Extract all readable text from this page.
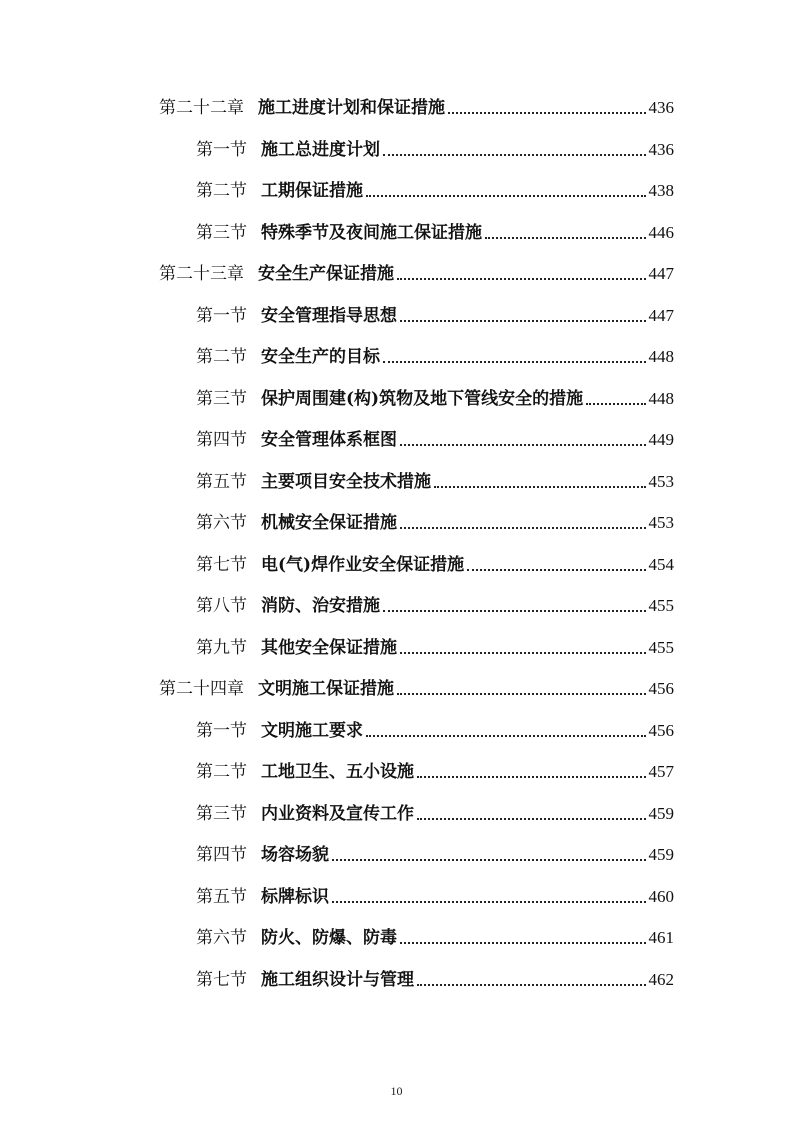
第二十二章 施工进度计划和保证措施	436
第一节 施工总进度计划	436
第二节 工期保证措施	438
第三节 特殊季节及夜间施工保证措施	446
第二十三章 安全生产保证措施	447
第一节 安全管理指导思想	447
第二节 安全生产的目标	448
第三节 保护周围建(构)筑物及地下管线安全的措施	448
第四节 安全管理体系框图	449
第五节 主要项目安全技术措施	453
第六节 机械安全保证措施	453
第七节 电(气)焊作业安全保证措施	454
第八节 消防、治安措施	455
第九节 其他安全保证措施	455
第二十四章 文明施工保证措施	456
第一节 文明施工要求	456
第二节 工地卫生、五小设施	457
第三节 内业资料及宣传工作	459
第四节 场容场貌	459
第五节 标牌标识	460
第六节 防火、防爆、防毒	461
第七节 施工组织设计与管理	462
10
